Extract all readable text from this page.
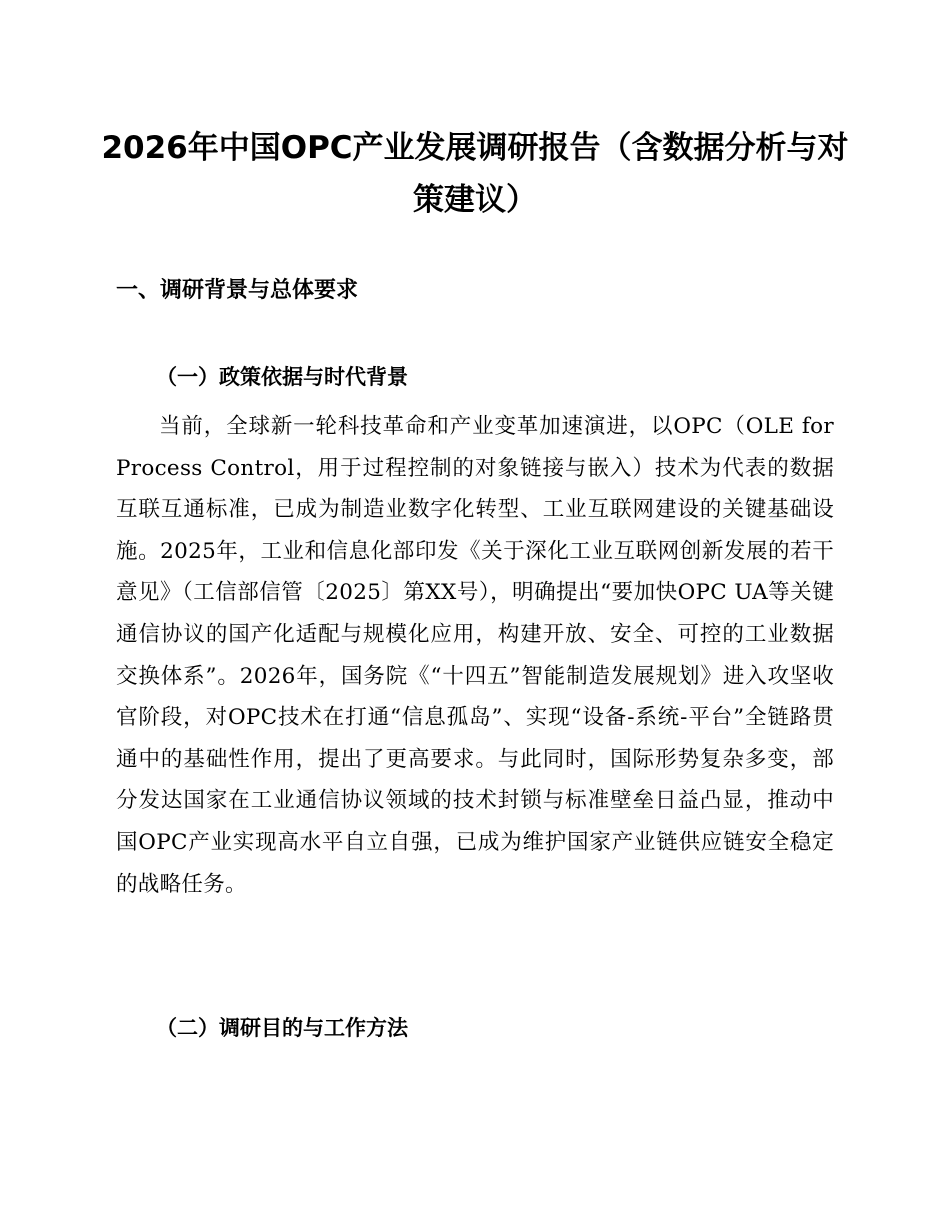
2026年中国OPC产业发展调研报告（含数据分析与对策建议）
一、调研背景与总体要求
（一）政策依据与时代背景

当前，全球新一轮科技革命和产业变革加速演进，以OPC（OLE for Process Control，用于过程控制的对象链接与嵌入）技术为代表的数据互联互通标准，已成为制造业数字化转型、工业互联网建设的关键基础设施。2025年，工业和信息化部印发《关于深化工业互联网创新发展的若干意见》（工信部信管〔2025〕第XX号），明确提出“要加快OPC UA等关键通信协议的国产化适配与规模化应用，构建开放、安全、可控的工业数据交换体系”。2026年，国务院《“十四五”智能制造发展规划》进入攻坚收官阶段，对OPC技术在打通“信息孤岛”、实现“设备-系统-平台”全链路贯通中的基础性作用，提出了更高要求。与此同时，国际形势复杂多变，部分发达国家在工业通信协议领域的技术封锁与标准壁垒日益凸显，推动中国OPC产业实现高水平自立自强，已成为维护国家产业链供应链安全稳定的战略任务。

（二）调研目的与工作方法
